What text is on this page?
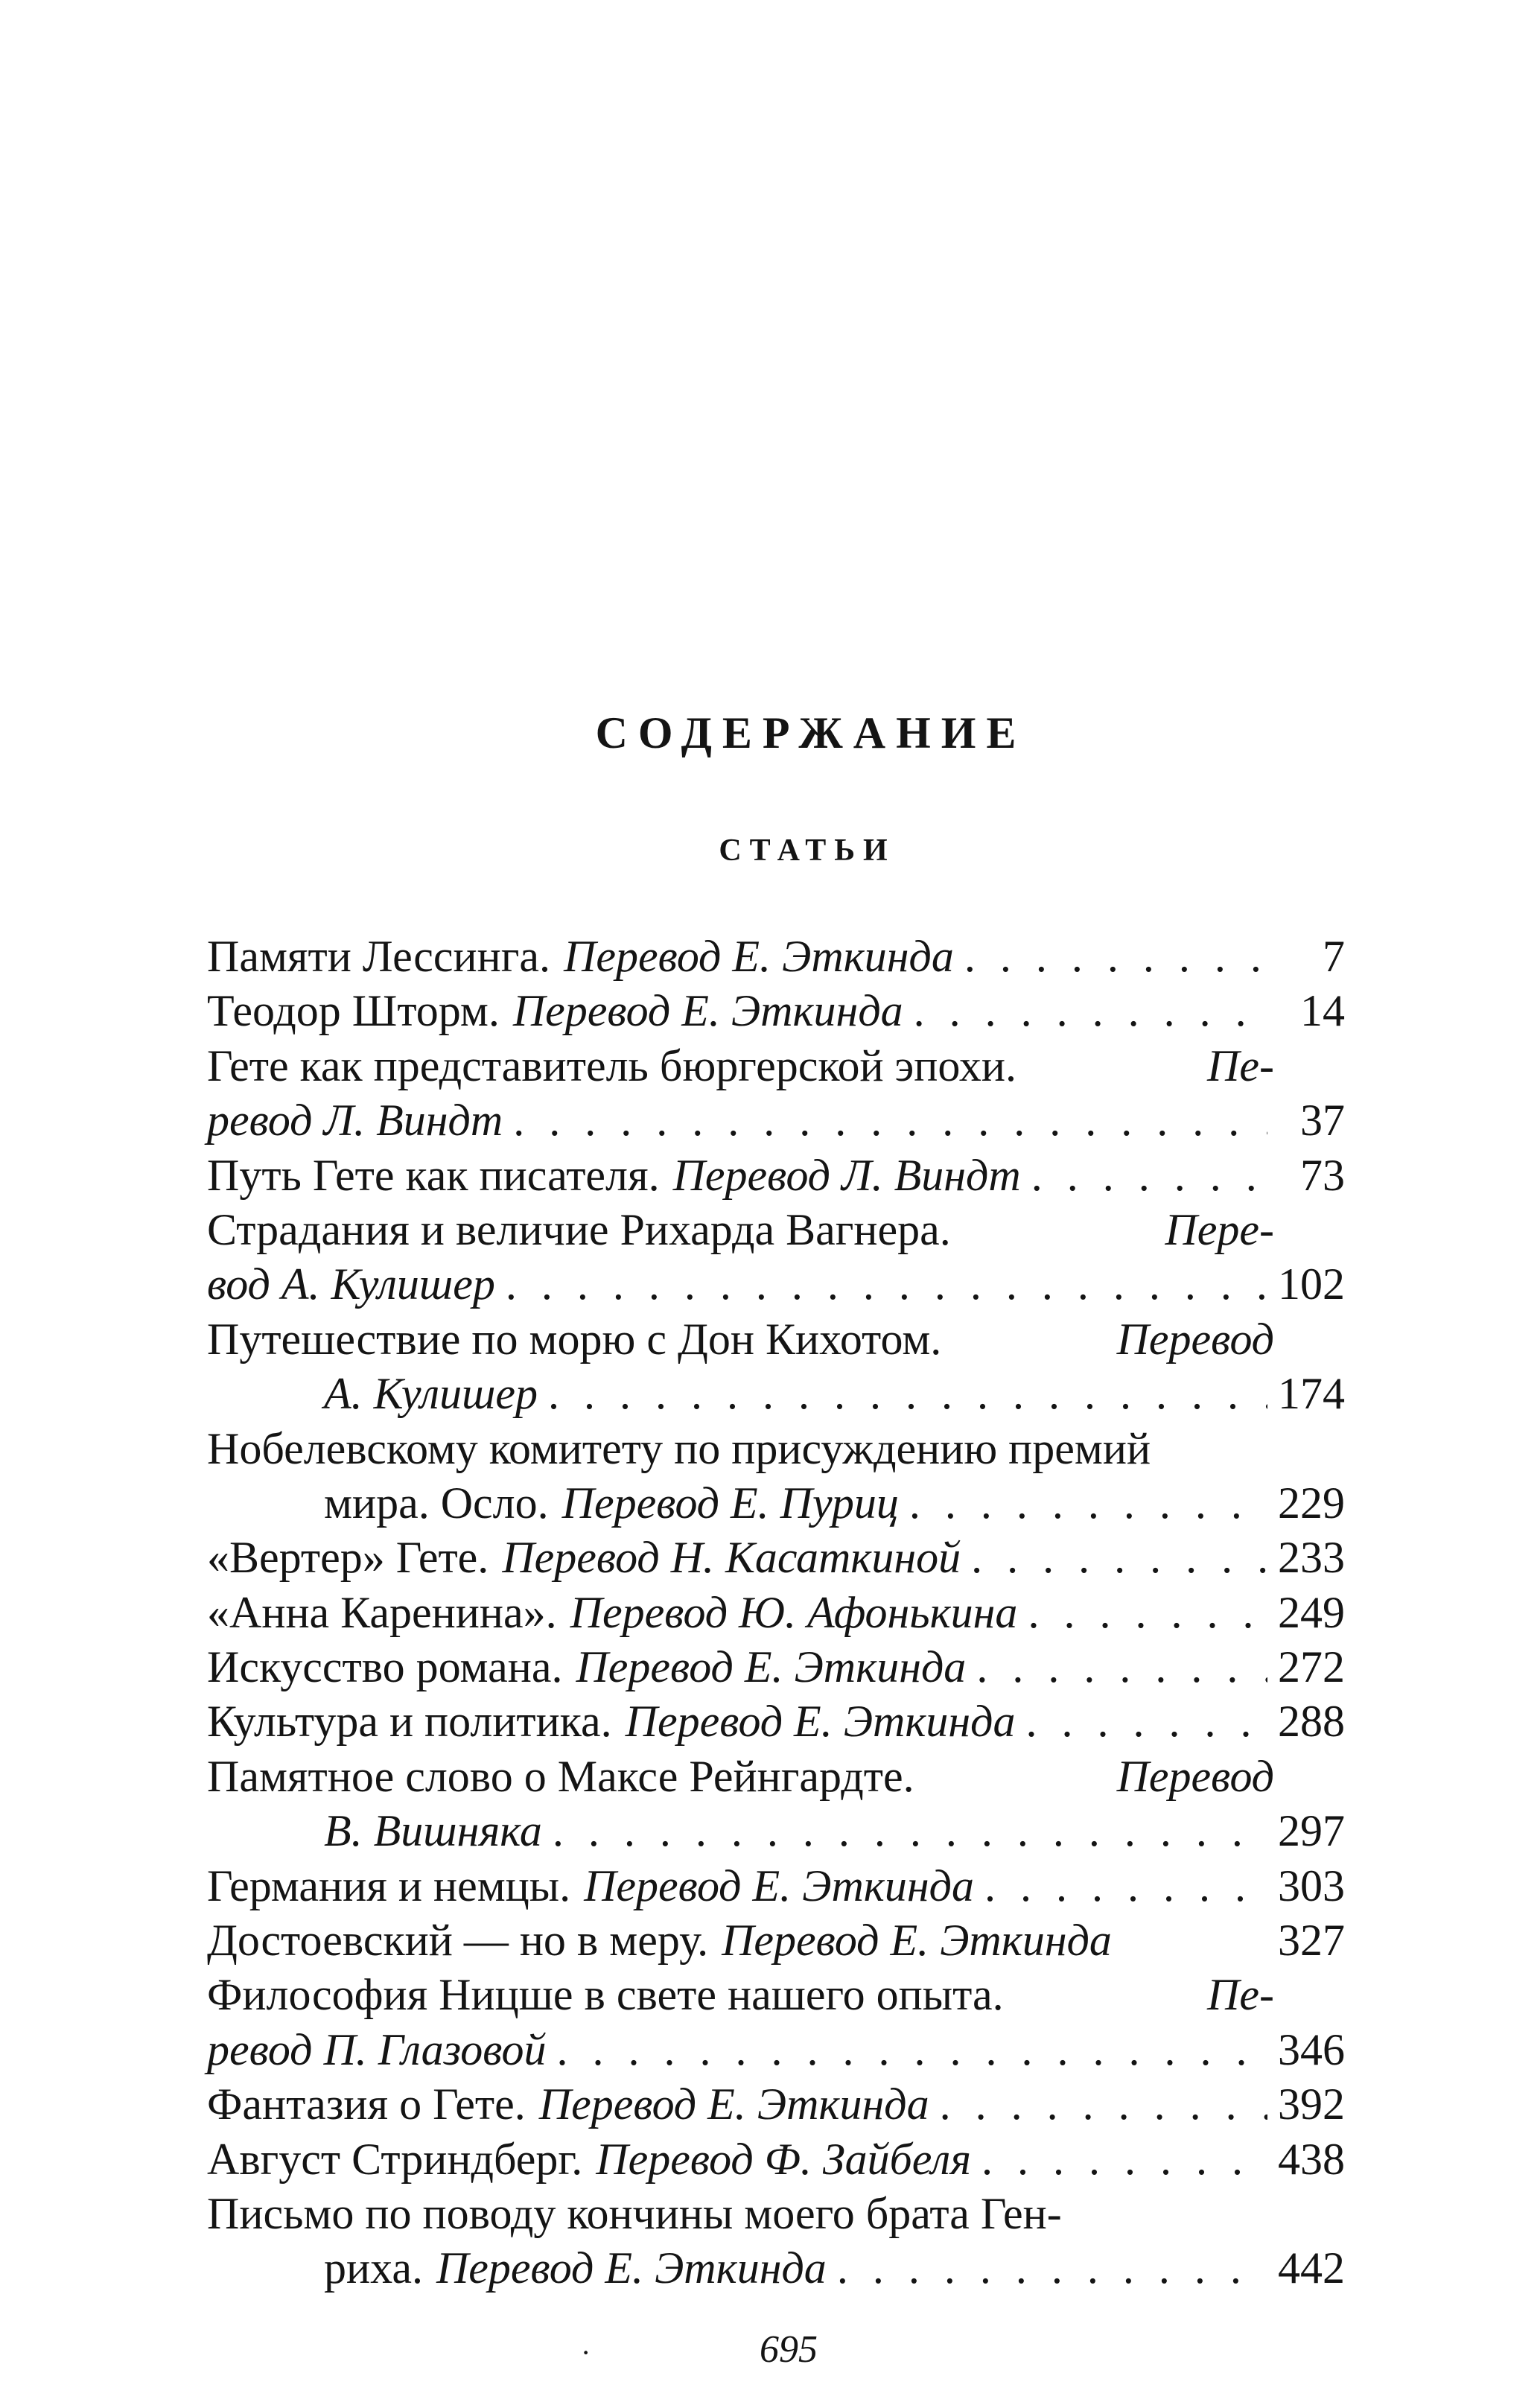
СОДЕРЖАНИЕ
СТАТЬИ
Памяти Лессинга. Перевод Е. Эткинда . . .	7
Теодор Шторм. Перевод Е. Эткинда . . .	14
Гете как представитель бюргерской эпохи.	Пе-
ревод Л. Виндт . . .	37
Путь Гете как писателя. Перевод Л. Виндт . . .	73
Страдания и величие Рихарда Вагнера.	Пере-
вод А. Кулишер . . .	102
Путешествие по морю с Дон Кихотом.	Перевод
А. Кулишер . . .	174
Нобелевскому комитету по присуждению премий
мира. Осло. Перевод Е. Пуриц . . .	229
«Вертер» Гете. Перевод Н. Касаткиной . . .	233
«Анна Каренина». Перевод Ю. Афонькина . . .	249
Искусство романа. Перевод Е. Эткинда . . .	272
Культура и политика. Перевод Е. Эткинда . . .	288
Памятное слово о Максе Рейнгардте.	Перевод
В. Вишняка . . .	297
Германия и немцы. Перевод Е. Эткинда . . .	303
Достоевский — но в меру. Перевод Е. Эткинда	327
Философия Ницше в свете нашего опыта.	Пе-
ревод П. Глазовой . . .	346
Фантазия о Гете. Перевод Е. Эткинда . . .	392
Август Стриндберг. Перевод Ф. Зайбеля . . .	438
Письмо по поводу кончины моего брата Ген-
риха. Перевод Е. Эткинда . . .	442
·	695
